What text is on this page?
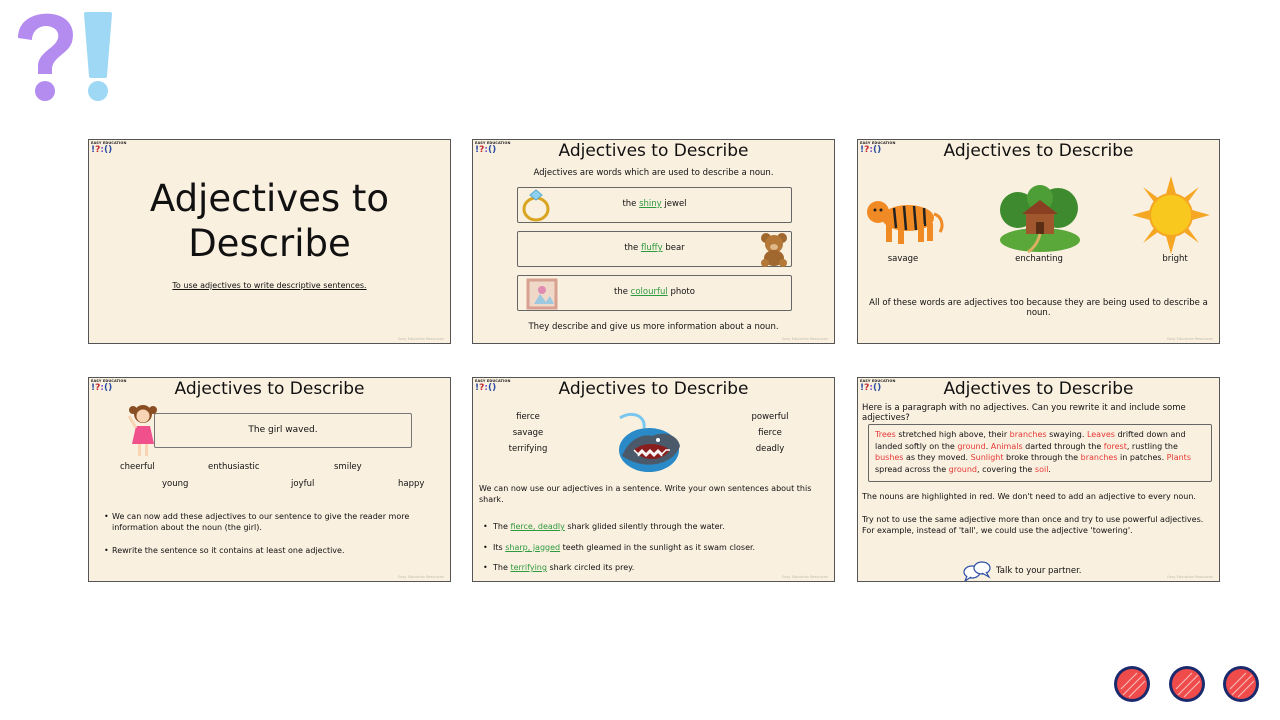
EASY EDUCATION
!?:()
Adjectives to Describe
To use adjectives to write descriptive sentences.
Easy Education Resources
EASY EDUCATION
!?:()	Adjectives to Describe
Adjectives are words which are used to describe a noun.
the shiny jewel
the fluffy bear
the colourful photo
They describe and give us more information about a noun.
Easy Education Resources
EASY EDUCATION
!?:()	Adjectives to Describe
savage	enchanting	bright
All of these words are adjectives too because they are being used to describe a noun.
Easy Education Resources
EASY EDUCATION
!?:()	Adjectives to Describe
The girl waved.
cheerful	enthusiastic	smiley
young	joyful	happy
• We can now add these adjectives to our sentence to give the reader more information about the noun (the girl).
• Rewrite the sentence so it contains at least one adjective.
Easy Education Resources
EASY EDUCATION
!?:()	Adjectives to Describe
fierce
savage
terrifying
powerful
fierce
deadly
We can now use our adjectives in a sentence. Write your own sentences about this shark.
• The fierce, deadly shark glided silently through the water.
• Its sharp, jagged teeth gleamed in the sunlight as it swam closer.
• The terrifying shark circled its prey.
Easy Education Resources
EASY EDUCATION
!?:()	Adjectives to Describe
Here is a paragraph with no adjectives. Can you rewrite it and include some adjectives?
Trees stretched high above, their branches swaying. Leaves drifted down and landed softly on the ground. Animals darted through the forest, rustling the bushes as they moved. Sunlight broke through the branches in patches. Plants spread across the ground, covering the soil.
The nouns are highlighted in red. We don't need to add an adjective to every noun.
Try not to use the same adjective more than once and try to use powerful adjectives. For example, instead of 'tall', we could use the adjective 'towering'.
Talk to your partner.
Easy Education Resources
